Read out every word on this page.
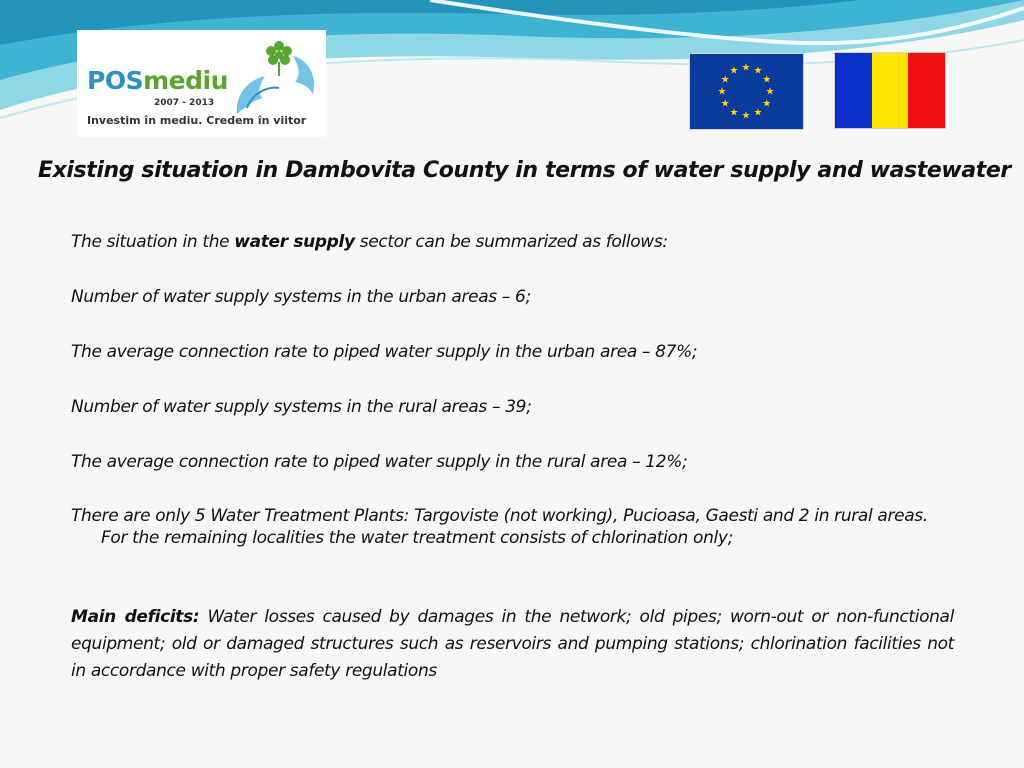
POSmediu
2007 - 2013
Investim în mediu. Credem în viitor
★ ★
★
★
★
★
★
★
★
★
★
★
Existing situation in Dambovita County in terms of water supply and wastewater
The situation in the water supply sector can be summarized as follows:
Number of water supply systems in the urban areas – 6;
The average connection rate to piped water supply in the urban area – 87%;
Number of water supply systems in the rural areas – 39;
The average connection rate to piped water supply in the rural area – 12%;
There are only 5 Water Treatment Plants: Targoviste (not working), Pucioasa, Gaesti and 2 in rural areas. For the remaining localities the water treatment consists of chlorination only;
Main deficits: Water losses caused by damages in the network; old pipes; worn-out or non-functional equipment; old or damaged structures such as reservoirs and pumping stations; chlorination facilities not in accordance with proper safety regulations
